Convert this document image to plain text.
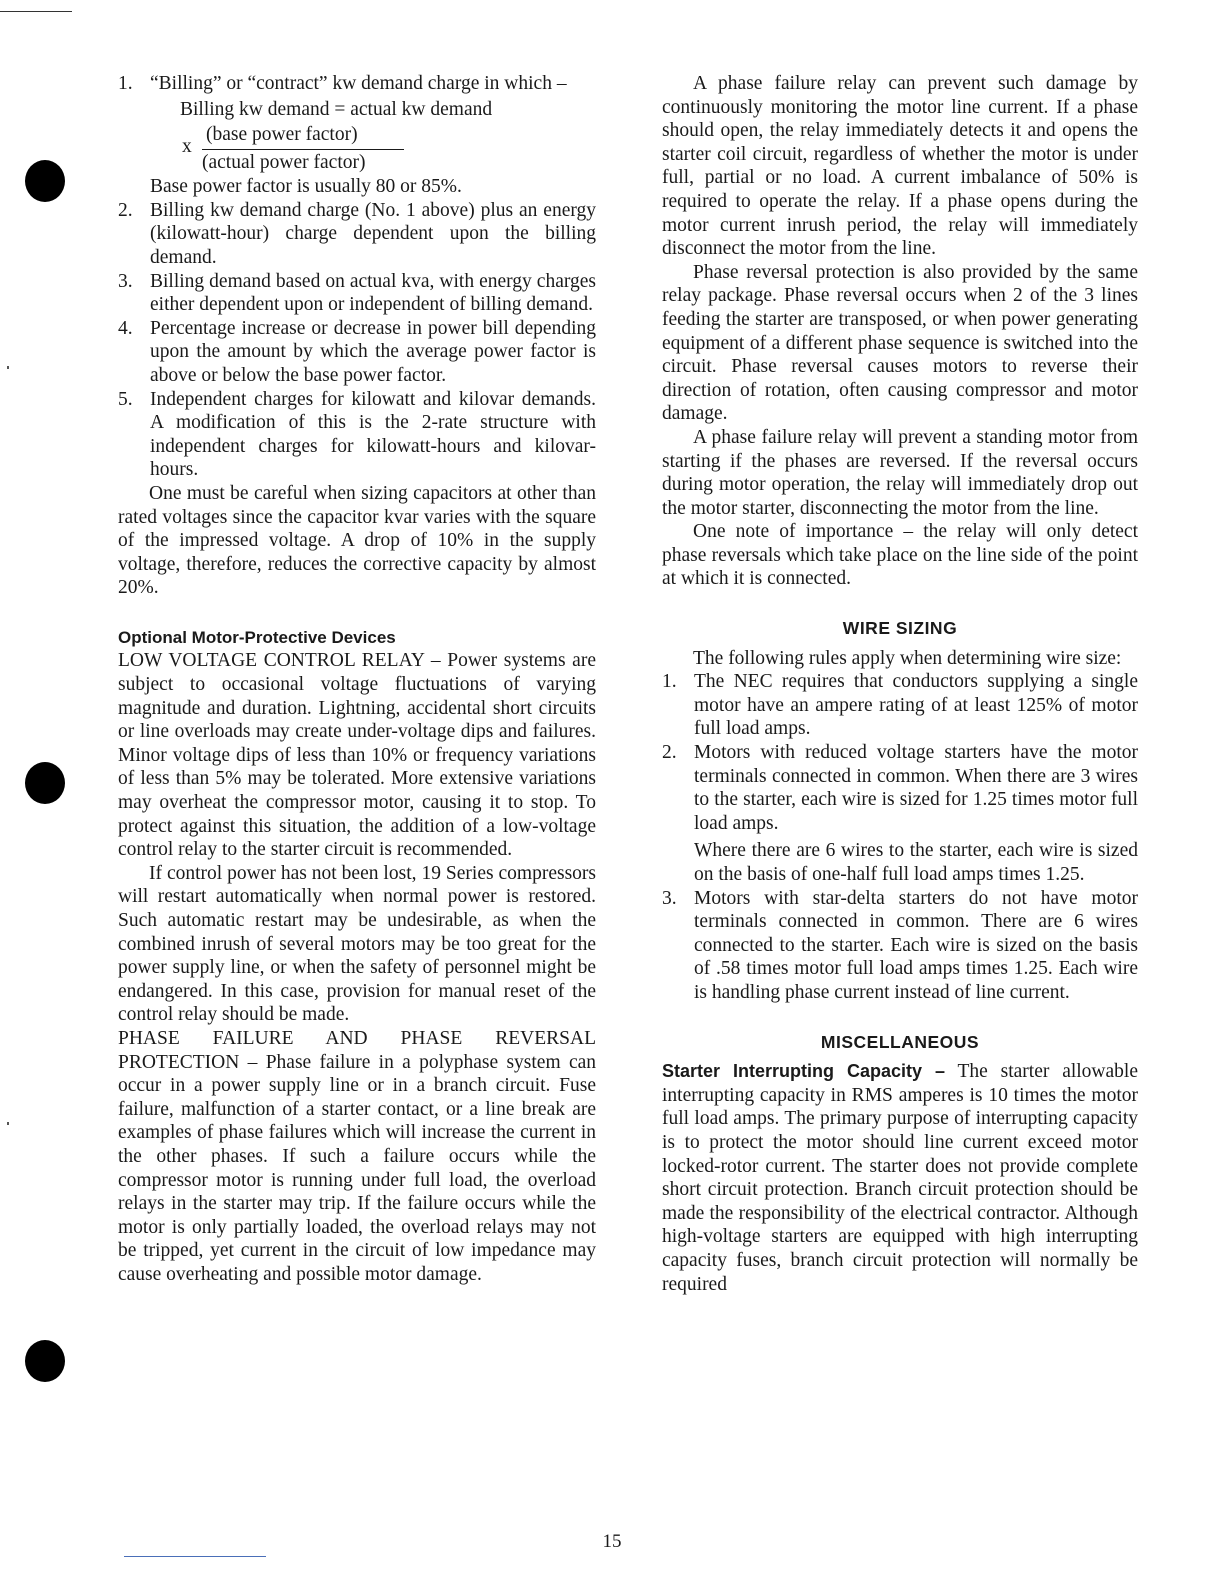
1. “Billing” or “contract” kw demand charge in which –
Billing kw demand = actual kw demand
x
(base power factor)
(actual power factor)
Base power factor is usually 80 or 85%.
2. Billing kw demand charge (No. 1 above) plus an energy (kilowatt-hour) charge dependent upon the billing demand.
3. Billing demand based on actual kva, with energy charges either dependent upon or independent of billing demand.
4. Percentage increase or decrease in power bill depending upon the amount by which the average power factor is above or below the base power factor.
5. Independent charges for kilowatt and kilovar demands. A modification of this is the 2-rate structure with independent charges for kilowatt-hours and kilovar-hours.

One must be careful when sizing capacitors at other than rated voltages since the capacitor kvar varies with the square of the impressed voltage. A drop of 10% in the supply voltage, therefore, reduces the corrective capacity by almost 20%.

Optional Motor-Protective Devices

LOW VOLTAGE CONTROL RELAY – Power systems are subject to occasional voltage fluctuations of varying magnitude and duration. Lightning, accidental short circuits or line overloads may create under-voltage dips and failures. Minor voltage dips of less than 10% or frequency variations of less than 5% may be tolerated. More extensive variations may overheat the compressor motor, causing it to stop. To protect against this situation, the addition of a low-voltage control relay to the starter circuit is recommended.

If control power has not been lost, 19 Series compressors will restart automatically when normal power is restored. Such automatic restart may be undesirable, as when the combined inrush of several motors may be too great for the power supply line, or when the safety of personnel might be endangered. In this case, provision for manual reset of the control relay should be made.

PHASE FAILURE AND PHASE REVERSAL PROTECTION – Phase failure in a polyphase system can occur in a power supply line or in a branch circuit. Fuse failure, malfunction of a starter contact, or a line break are examples of phase failures which will increase the current in the other phases. If such a failure occurs while the compressor motor is running under full load, the overload relays in the starter may trip. If the failure occurs while the motor is only partially loaded, the overload relays may not be tripped, yet current in the circuit of low impedance may cause overheating and possible motor damage.

A phase failure relay can prevent such damage by continuously monitoring the motor line current. If a phase should open, the relay immediately detects it and opens the starter coil circuit, regardless of whether the motor is under full, partial or no load. A current imbalance of 50% is required to operate the relay. If a phase opens during the motor current inrush period, the relay will immediately disconnect the motor from the line.

Phase reversal protection is also provided by the same relay package. Phase reversal occurs when 2 of the 3 lines feeding the starter are transposed, or when power generating equipment of a different phase sequence is switched into the circuit. Phase reversal causes motors to reverse their direction of rotation, often causing compressor and motor damage.

A phase failure relay will prevent a standing motor from starting if the phases are reversed. If the reversal occurs during motor operation, the relay will immediately drop out the motor starter, disconnecting the motor from the line.

One note of importance – the relay will only detect phase reversals which take place on the line side of the point at which it is connected.

WIRE SIZING

The following rules apply when determining wire size:

1. The NEC requires that conductors supplying a single motor have an ampere rating of at least 125% of motor full load amps.
2. Motors with reduced voltage starters have the motor terminals connected in common. When there are 3 wires to the starter, each wire is sized for 1.25 times motor full load amps.
Where there are 6 wires to the starter, each wire is sized on the basis of one-half full load amps times 1.25.
3. Motors with star-delta starters do not have motor terminals connected in common. There are 6 wires connected to the starter. Each wire is sized on the basis of .58 times motor full load amps times 1.25. Each wire is handling phase current instead of line current.
MISCELLANEOUS

Starter Interrupting Capacity – The starter allowable interrupting capacity in RMS amperes is 10 times the motor full load amps. The primary purpose of interrupting capacity is to protect the motor should line current exceed motor locked-rotor current. The starter does not provide complete short circuit protection. Branch circuit protection should be made the responsibility of the electrical contractor. Although high-voltage starters are equipped with high interrupting capacity fuses, branch circuit protection will normally be required

15
